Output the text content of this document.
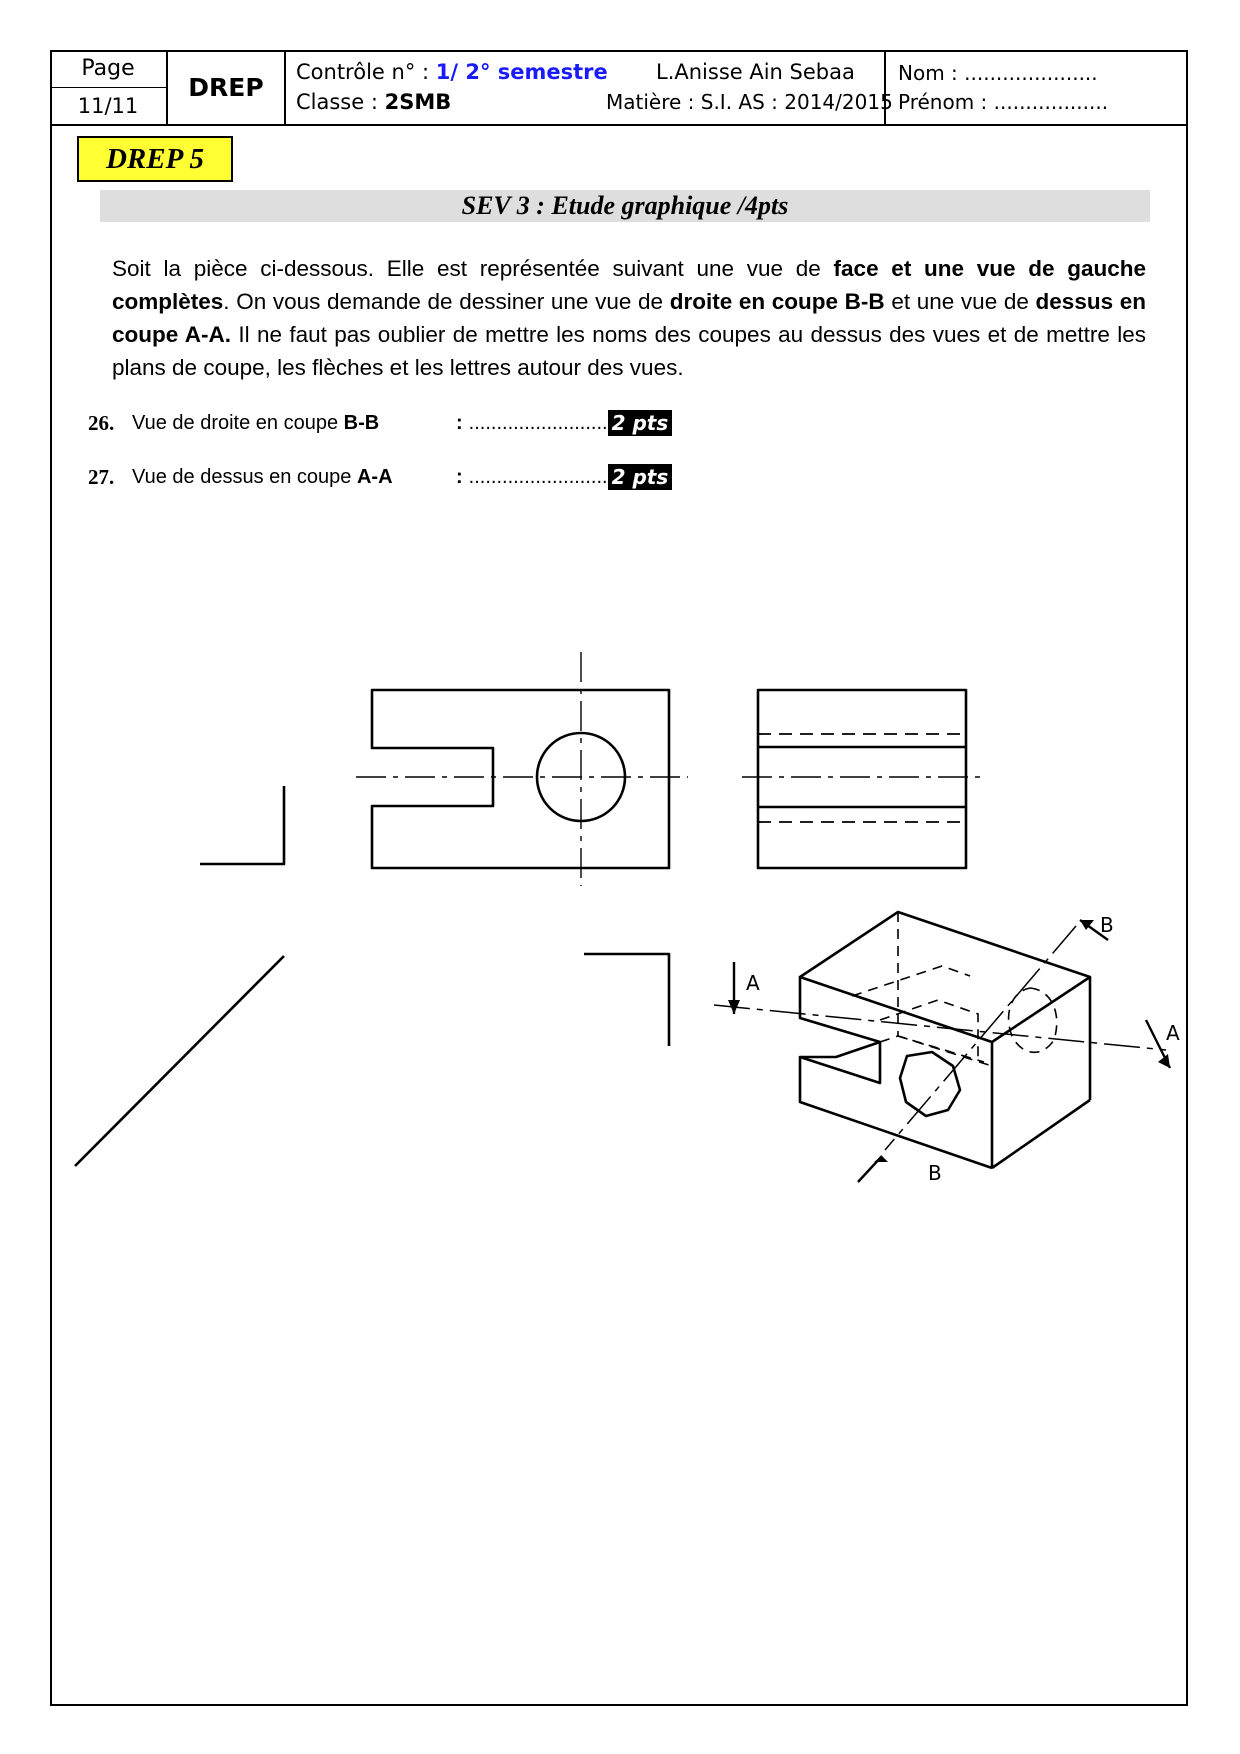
Page
11/11
DREP
Contrôle n° : 1/ 2° semestre L.Anisse Ain Sebaa
Classe : 2SMB	Matière : S.I. AS : 2014/2015
Nom : .....................
Prénom : ..................
DREP 5
SEV 3 : Etude graphique /4pts
Soit la pièce ci-dessous. Elle est représentée suivant une vue de face et une vue de gauche complètes. On vous demande de dessiner une vue de droite en coupe B-B et une vue de dessus en coupe A-A. Il ne faut pas oublier de mettre les noms des coupes au dessus des vues et de mettre les plans de coupe, les flèches et les lettres autour des vues.
26. Vue de droite en coupe B-B	: ......................... 2 pts
27. Vue de dessus en coupe A-A	: ......................... 2 pts
B
B
A
A
